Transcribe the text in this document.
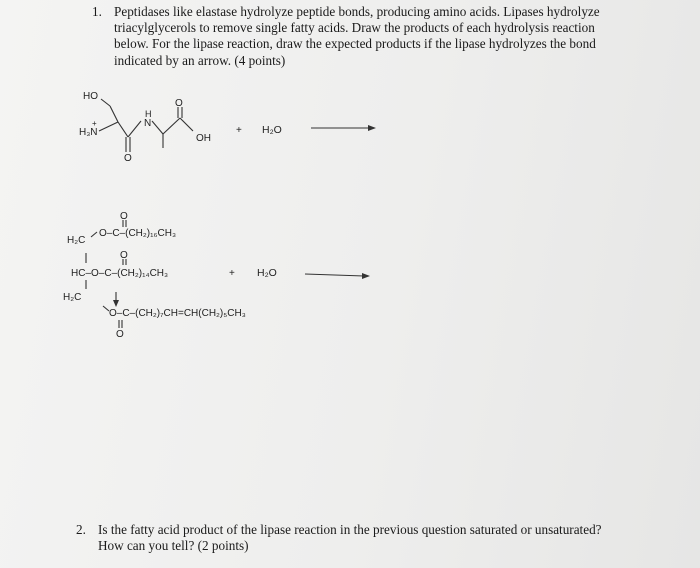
1. Peptidases like elastase hydrolyze peptide bonds, producing amino acids. Lipases hydrolyze
triacylglycerols to remove single fatty acids. Draw the products of each hydrolysis reaction
below. For the lipase reaction, draw the expected products if the lipase hydrolyzes the bond
indicated by an arrow. (4 points)
HO
H₃N
+
H
N
O
OH
O
+ H₂O
O
H₂C
O–C–(CH₂)₁₆CH₃
O
HC–O–C–(CH₂)₁₄CH₃	+ H₂O
H₂C
O–C–(CH₂)₇CH=CH(CH₂)₅CH₃
O
2. Is the fatty acid product of the lipase reaction in the previous question saturated or unsaturated?
How can you tell? (2 points)
